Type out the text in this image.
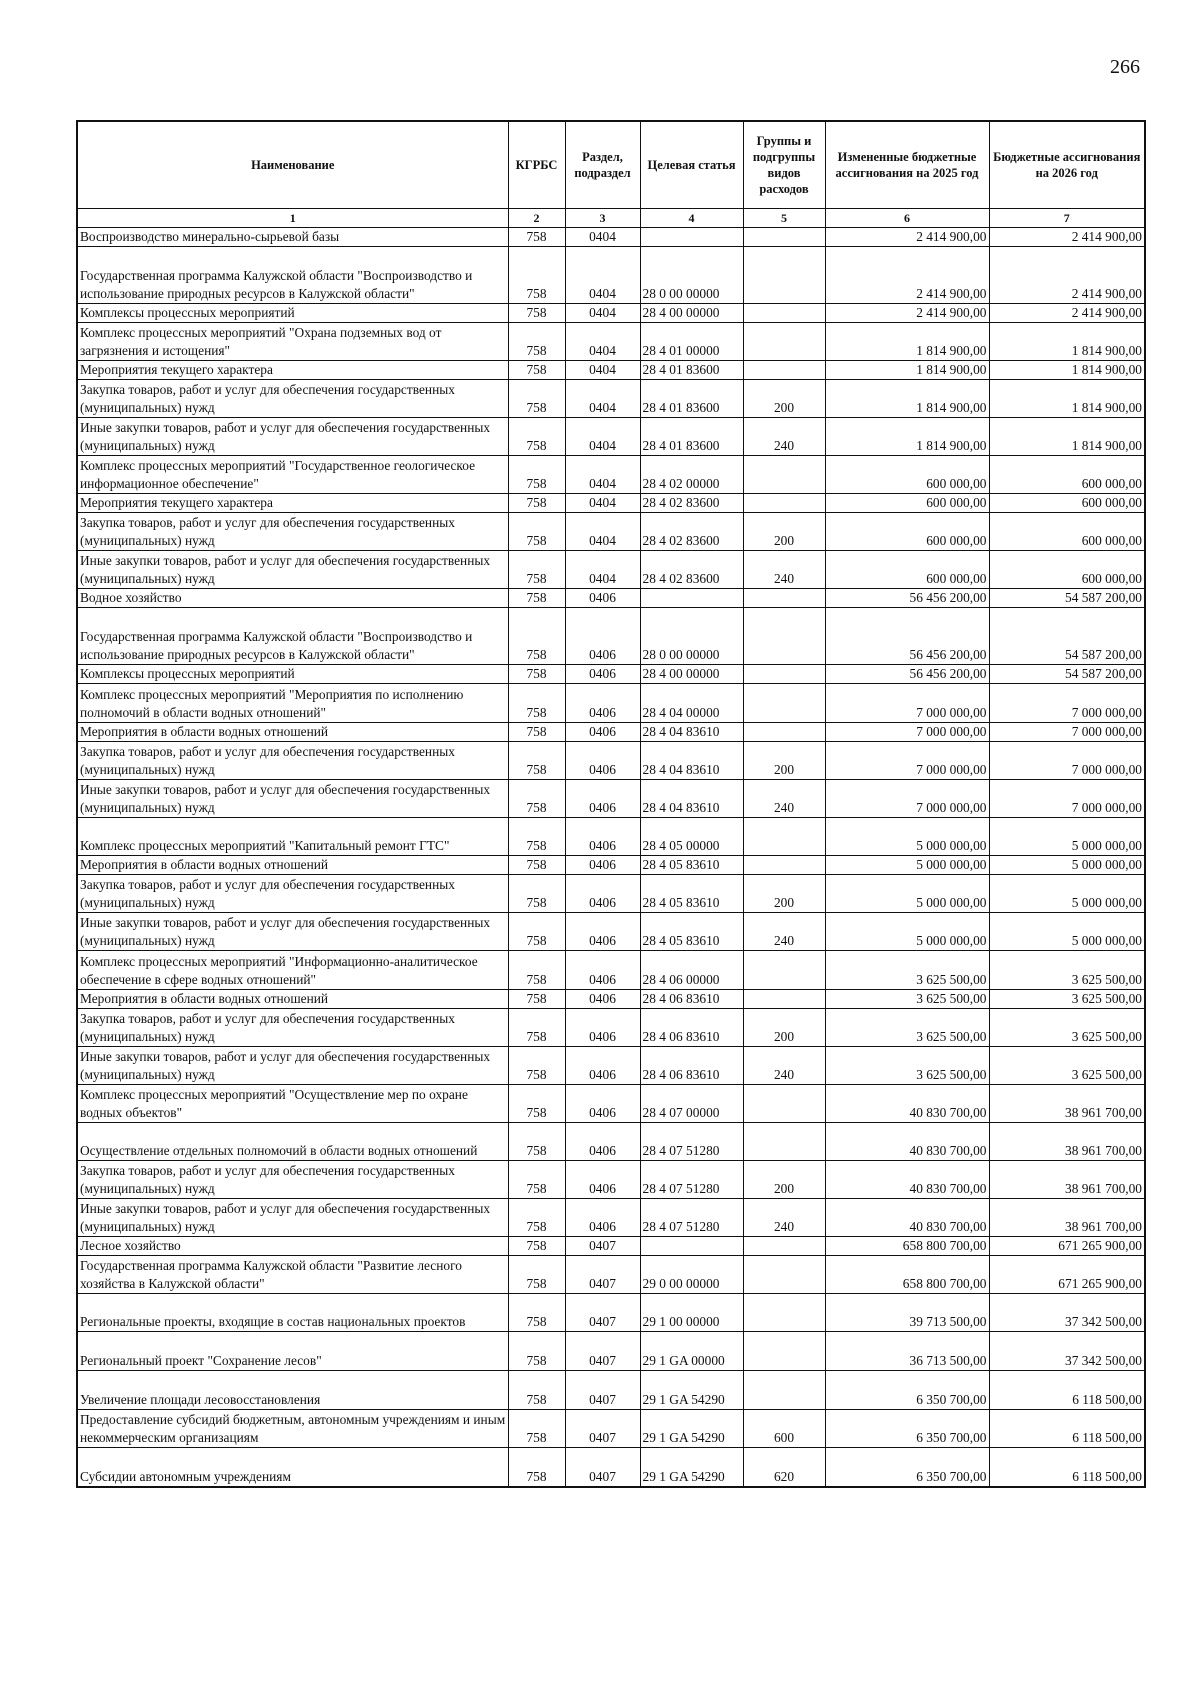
266
Наименование	КГРБС	Раздел, подраздел	Целевая статья	Группы и подгруппы видов расходов	Измененные бюджетные ассигнования на 2025 год	Бюджетные ассигнования на 2026 год
1	2	3	4	5	6	7
Воспроизводство минерально-сырьевой базы	758	0404			2 414 900,00	2 414 900,00
Государственная программа Калужской области "Воспроизводство и использование природных ресурсов в Калужской области"	758	0404	28 0 00 00000		2 414 900,00	2 414 900,00
Комплексы процессных мероприятий	758	0404	28 4 00 00000		2 414 900,00	2 414 900,00
Комплекс процессных мероприятий "Охрана подземных вод от загрязнения и истощения"	758	0404	28 4 01 00000		1 814 900,00	1 814 900,00
Мероприятия текущего характера	758	0404	28 4 01 83600		1 814 900,00	1 814 900,00
Закупка товаров, работ и услуг для обеспечения государственных (муниципальных) нужд	758	0404	28 4 01 83600	200	1 814 900,00	1 814 900,00
Иные закупки товаров, работ и услуг для обеспечения государственных (муниципальных) нужд	758	0404	28 4 01 83600	240	1 814 900,00	1 814 900,00
Комплекс процессных мероприятий "Государственное геологическое информационное обеспечение"	758	0404	28 4 02 00000		600 000,00	600 000,00
Мероприятия текущего характера	758	0404	28 4 02 83600		600 000,00	600 000,00
Закупка товаров, работ и услуг для обеспечения государственных (муниципальных) нужд	758	0404	28 4 02 83600	200	600 000,00	600 000,00
Иные закупки товаров, работ и услуг для обеспечения государственных (муниципальных) нужд	758	0404	28 4 02 83600	240	600 000,00	600 000,00
Водное хозяйство	758	0406			56 456 200,00	54 587 200,00
Государственная программа Калужской области "Воспроизводство и использование природных ресурсов в Калужской области"	758	0406	28 0 00 00000		56 456 200,00	54 587 200,00
Комплексы процессных мероприятий	758	0406	28 4 00 00000		56 456 200,00	54 587 200,00
Комплекс процессных мероприятий "Мероприятия по исполнению полномочий в области водных отношений"	758	0406	28 4 04 00000		7 000 000,00	7 000 000,00
Мероприятия в области водных отношений	758	0406	28 4 04 83610		7 000 000,00	7 000 000,00
Закупка товаров, работ и услуг для обеспечения государственных (муниципальных) нужд	758	0406	28 4 04 83610	200	7 000 000,00	7 000 000,00
Иные закупки товаров, работ и услуг для обеспечения государственных (муниципальных) нужд	758	0406	28 4 04 83610	240	7 000 000,00	7 000 000,00
Комплекс процессных мероприятий "Капитальный ремонт ГТС"	758	0406	28 4 05 00000		5 000 000,00	5 000 000,00
Мероприятия в области водных отношений	758	0406	28 4 05 83610		5 000 000,00	5 000 000,00
Закупка товаров, работ и услуг для обеспечения государственных (муниципальных) нужд	758	0406	28 4 05 83610	200	5 000 000,00	5 000 000,00
Иные закупки товаров, работ и услуг для обеспечения государственных (муниципальных) нужд	758	0406	28 4 05 83610	240	5 000 000,00	5 000 000,00
Комплекс процессных мероприятий "Информационно-аналитическое обеспечение в сфере водных отношений"	758	0406	28 4 06 00000		3 625 500,00	3 625 500,00
Мероприятия в области водных отношений	758	0406	28 4 06 83610		3 625 500,00	3 625 500,00
Закупка товаров, работ и услуг для обеспечения государственных (муниципальных) нужд	758	0406	28 4 06 83610	200	3 625 500,00	3 625 500,00
Иные закупки товаров, работ и услуг для обеспечения государственных (муниципальных) нужд	758	0406	28 4 06 83610	240	3 625 500,00	3 625 500,00
Комплекс процессных мероприятий "Осуществление мер по охране водных объектов"	758	0406	28 4 07 00000		40 830 700,00	38 961 700,00
Осуществление отдельных полномочий в области водных отношений	758	0406	28 4 07 51280		40 830 700,00	38 961 700,00
Закупка товаров, работ и услуг для обеспечения государственных (муниципальных) нужд	758	0406	28 4 07 51280	200	40 830 700,00	38 961 700,00
Иные закупки товаров, работ и услуг для обеспечения государственных (муниципальных) нужд	758	0406	28 4 07 51280	240	40 830 700,00	38 961 700,00
Лесное хозяйство	758	0407			658 800 700,00	671 265 900,00
Государственная программа Калужской области "Развитие лесного хозяйства в Калужской области"	758	0407	29 0 00 00000		658 800 700,00	671 265 900,00
Региональные проекты, входящие в состав национальных проектов	758	0407	29 1 00 00000		39 713 500,00	37 342 500,00
Региональный проект "Сохранение лесов"	758	0407	29 1 GA 00000		36 713 500,00	37 342 500,00
Увеличение площади лесовосстановления	758	0407	29 1 GA 54290		6 350 700,00	6 118 500,00
Предоставление субсидий бюджетным, автономным учреждениям и иным некоммерческим организациям	758	0407	29 1 GA 54290	600	6 350 700,00	6 118 500,00
Субсидии автономным учреждениям	758	0407	29 1 GA 54290	620	6 350 700,00	6 118 500,00
